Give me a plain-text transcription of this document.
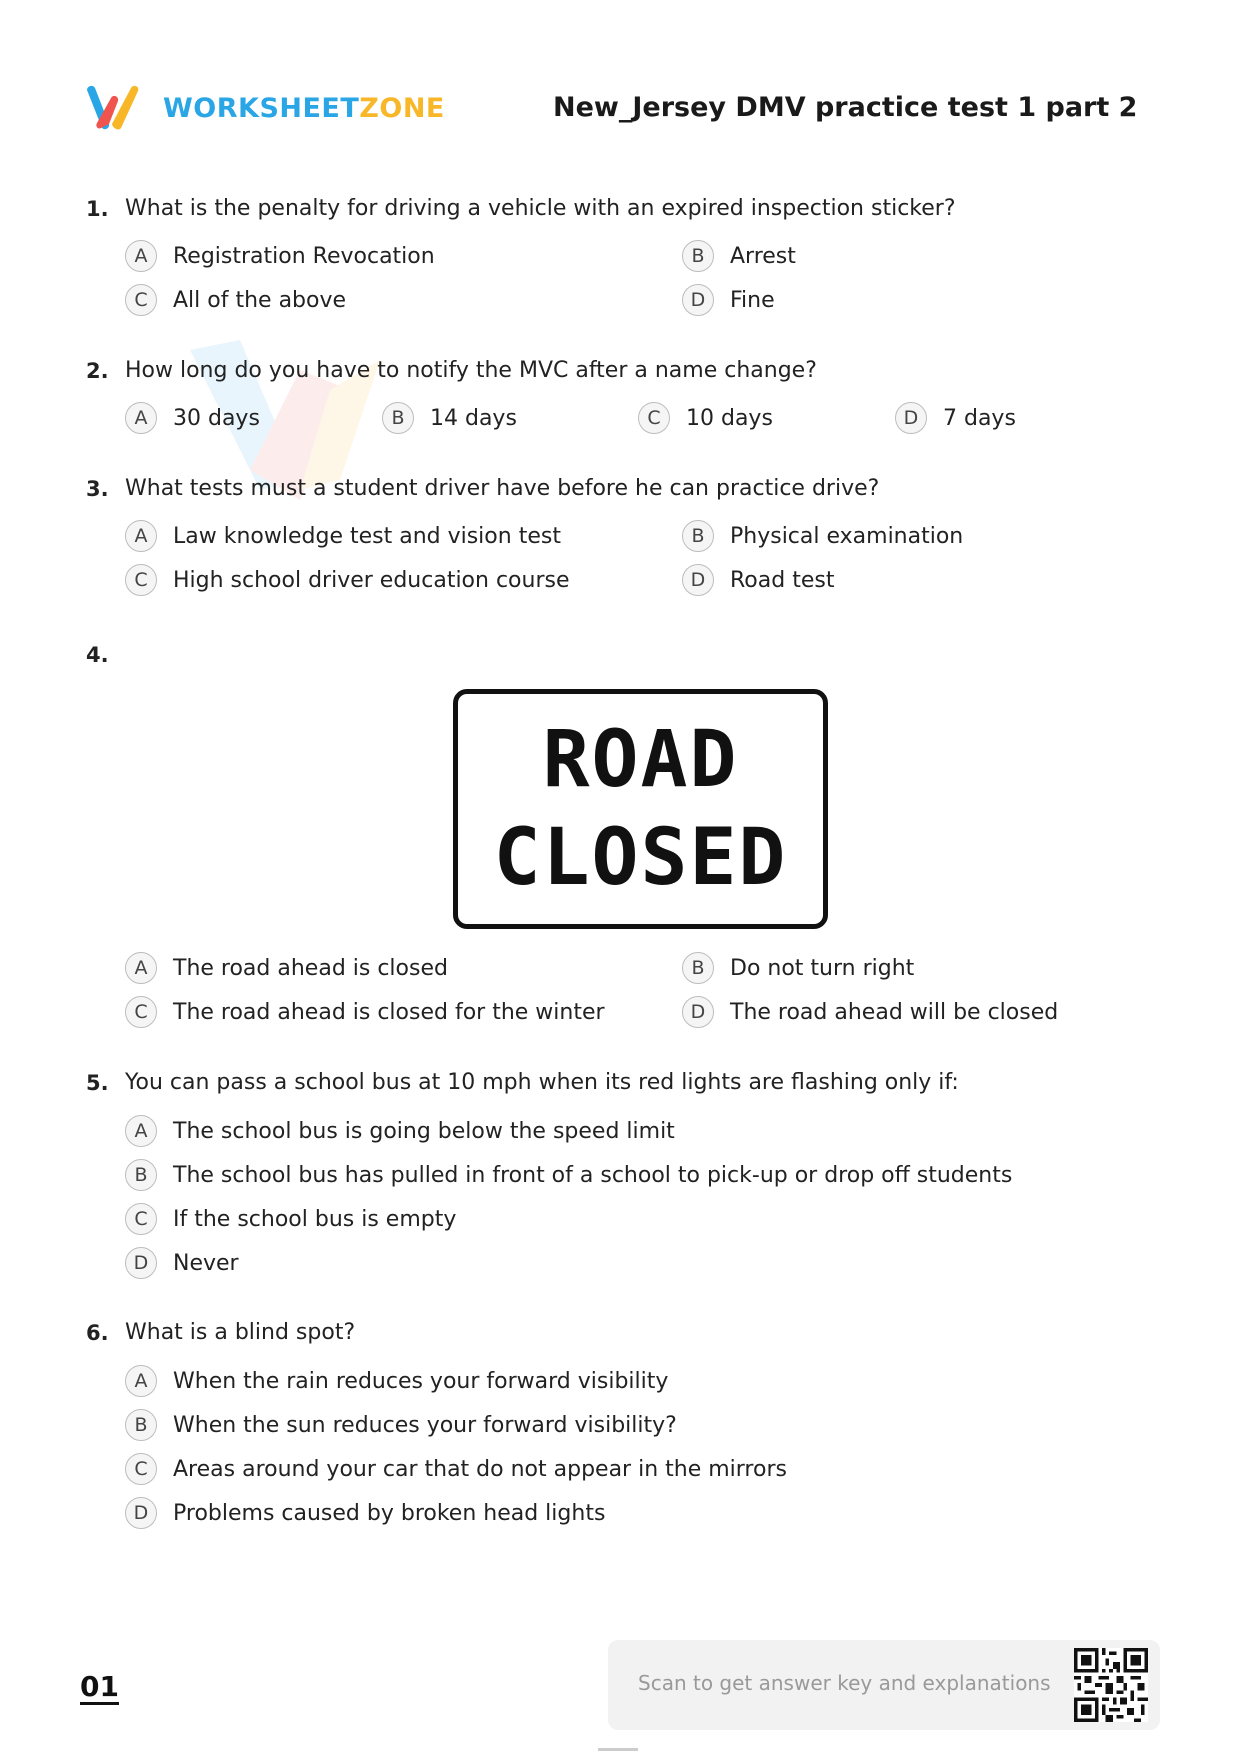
WORKSHEETZONE	New_Jersey DMV practice test 1 part 2
1. What is the penalty for driving a vehicle with an expired inspection sticker?
A	Registration Revocation	B	Arrest
C	All of the above	D	Fine
2. How long do you have to notify the MVC after a name change?
A	30 days	B	14 days	C	10 days	D	7 days
3. What tests must a student driver have before he can practice drive?
A	Law knowledge test and vision test	B	Physical examination
C	High school driver education course	D	Road test
4.
ROAD
CLOSED
A	The road ahead is closed	B	Do not turn right
C	The road ahead is closed for the winter	D	The road ahead will be closed
5. You can pass a school bus at 10 mph when its red lights are flashing only if:
A	The school bus is going below the speed limit
B	The school bus has pulled in front of a school to pick-up or drop off students
C	If the school bus is empty
D	Never
6. What is a blind spot?
A	When the rain reduces your forward visibility
B	When the sun reduces your forward visibility?
C	Areas around your car that do not appear in the mirrors
D	Problems caused by broken head lights
01	Scan to get answer key and explanations
